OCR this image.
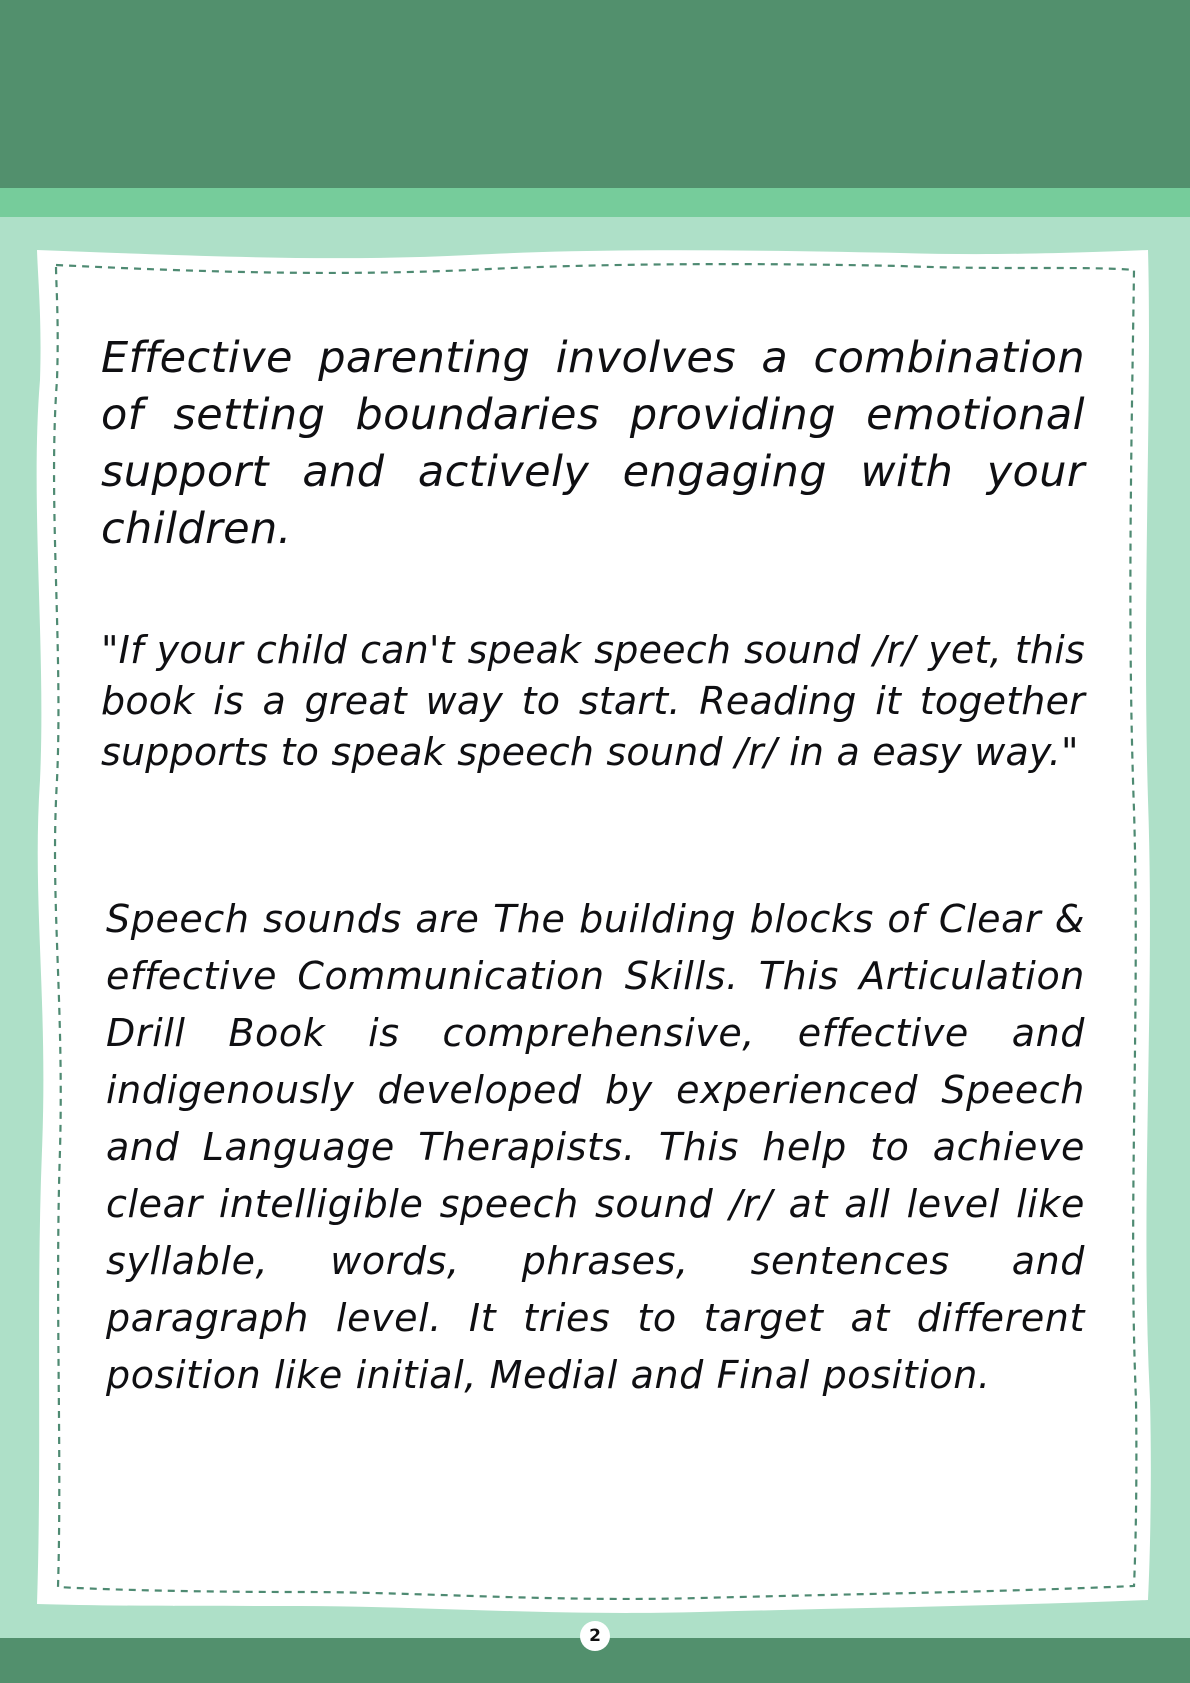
Effective parenting involves a combination of setting boundaries providing emotional support and actively engaging with your children.

"If your child can't speak speech sound /r/ yet, this book is a great way to start. Reading it together supports to speak speech sound /r/ in a easy way."

Speech sounds are The building blocks of Clear & effective Communication Skills. This Articulation Drill Book is comprehensive, effective and indigenously developed by experienced Speech and Language Therapists. This help to achieve clear intelligible speech sound /r/ at all level like syllable, words, phrases, sentences and paragraph level. It tries to target at different position like initial, Medial and Final position.

2
